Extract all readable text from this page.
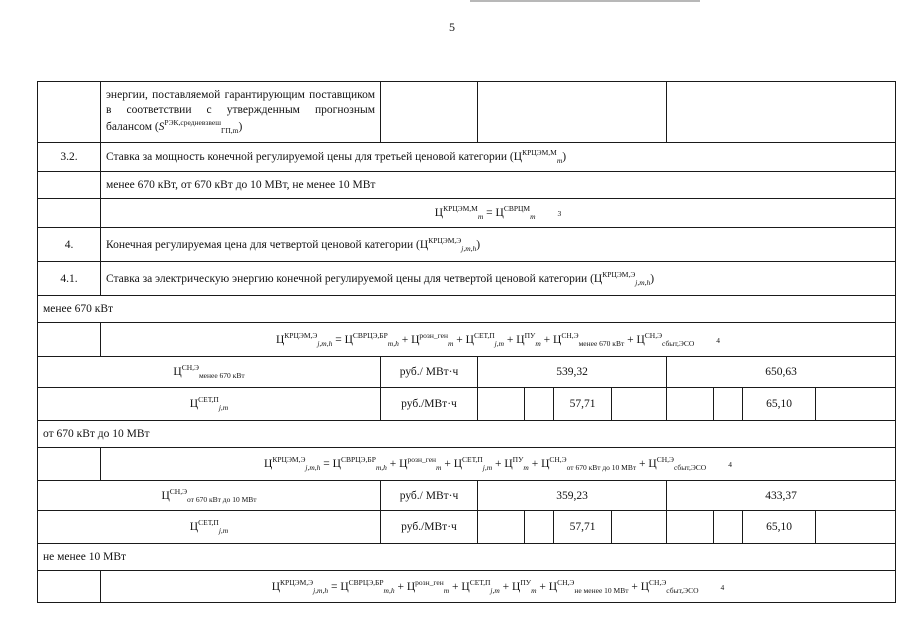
5
	энергии, поставляемой гарантирующим поставщиком в соответствии с утвержденным прогнозным балансом $(S^{РЭК,средневзвеш}_{ГП,m})$									
3.2.	Ставка за мощность конечной регулируемой цены для третьей ценовой категории $(Ц^{КРЦЭМ,М}_m)$									
	менее 670 кВт, от 670 кВт до 10 МВт, не менее 10 МВт									
	$Ц^{КРЦЭМ,М}_m = Ц^{СВРЦМ}_m$ 3									
4.	Конечная регулируемая цена для четвертой ценовой категории $(Ц^{КРЦЭМ,Э}_{j,m,h})$									
4.1.	Ставка за электрическую энергию конечной регулируемой цены для четвертой ценовой категории $(Ц^{КРЦЭМ,Э}_{j,m,h})$									
менее 670 кВт										
	$Ц^{КРЦЭМ,Э}_{j,m,h} = Ц^{СВРЦЭ,БР}_{m,h} + Ц^{розн\_ген}_m + Ц^{СЕТ,П}_{j,m} + Ц^{ПУ}_m + Ц^{СН,Э}_{менее 670 кВт} + Ц^{СН,Э}_{сбыт,ЭСО}$ 4									
$Ц^{СН,Э}_{менее 670 кВт}$		руб./ МВт·ч	539,32				650,63			
$Ц^{СЕТ,П}_{j,m}$		руб./МВт·ч			57,71				65,10	
от 670 кВт до 10 МВт										
	$Ц^{КРЦЭМ,Э}_{j,m,h} = Ц^{СВРЦЭ,БР}_{m,h} + Ц^{розн\_ген}_m + Ц^{СЕТ,П}_{j,m} + Ц^{ПУ}_m + Ц^{СН,Э}_{от 670 кВт до 10 МВт} + Ц^{СН,Э}_{сбыт,ЭСО}$ 4									
$Ц^{СН,Э}_{от 670 кВт до 10 МВт}$		руб./ МВт·ч	359,23				433,37			
$Ц^{СЕТ,П}_{j,m}$		руб./МВт·ч			57,71				65,10	
не менее 10 МВт										
	$Ц^{КРЦЭМ,Э}_{j,m,h} = Ц^{СВРЦЭ,БР}_{m,h} + Ц^{розн\_ген}_m + Ц^{СЕТ,П}_{j,m} + Ц^{ПУ}_m + Ц^{СН,Э}_{не менее 10 МВт} + Ц^{СН,Э}_{сбыт,ЭСО}$ 4									
